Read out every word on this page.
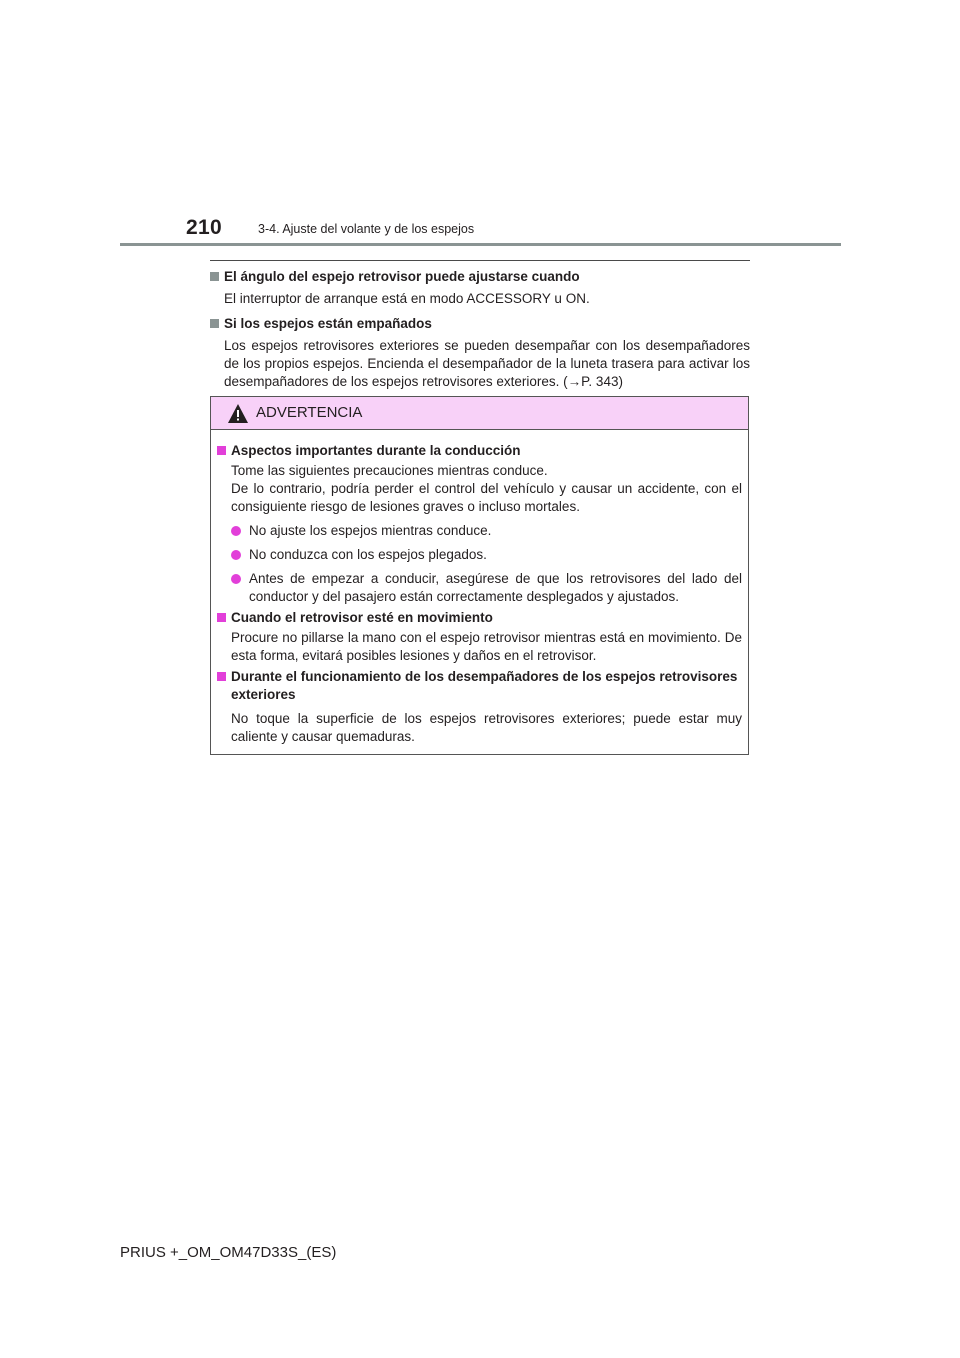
210	3-4. Ajuste del volante y de los espejos

El ángulo del espejo retrovisor puede ajustarse cuando

El interruptor de arranque está en modo ACCESSORY u ON.

Si los espejos están empañados

Los espejos retrovisores exteriores se pueden desempañar con los desempañadores de los propios espejos. Encienda el desempañador de la luneta trasera para activar los desempañadores de los espejos retrovisores exteriores. (→P. 343)

ADVERTENCIA

Aspectos importantes durante la conducción

Tome las siguientes precauciones mientras conduce.

De lo contrario, podría perder el control del vehículo y causar un accidente, con el consiguiente riesgo de lesiones graves o incluso mortales.

No ajuste los espejos mientras conduce.

No conduzca con los espejos plegados.

Antes de empezar a conducir, asegúrese de que los retrovisores del lado del conductor y del pasajero están correctamente desplegados y ajustados.

Cuando el retrovisor esté en movimiento

Procure no pillarse la mano con el espejo retrovisor mientras está en movimiento. De esta forma, evitará posibles lesiones y daños en el retrovisor.

Durante el funcionamiento de los desempañadores de los espejos retrovisores exteriores

No toque la superficie de los espejos retrovisores exteriores; puede estar muy caliente y causar quemaduras.

PRIUS +_OM_OM47D33S_(ES)
